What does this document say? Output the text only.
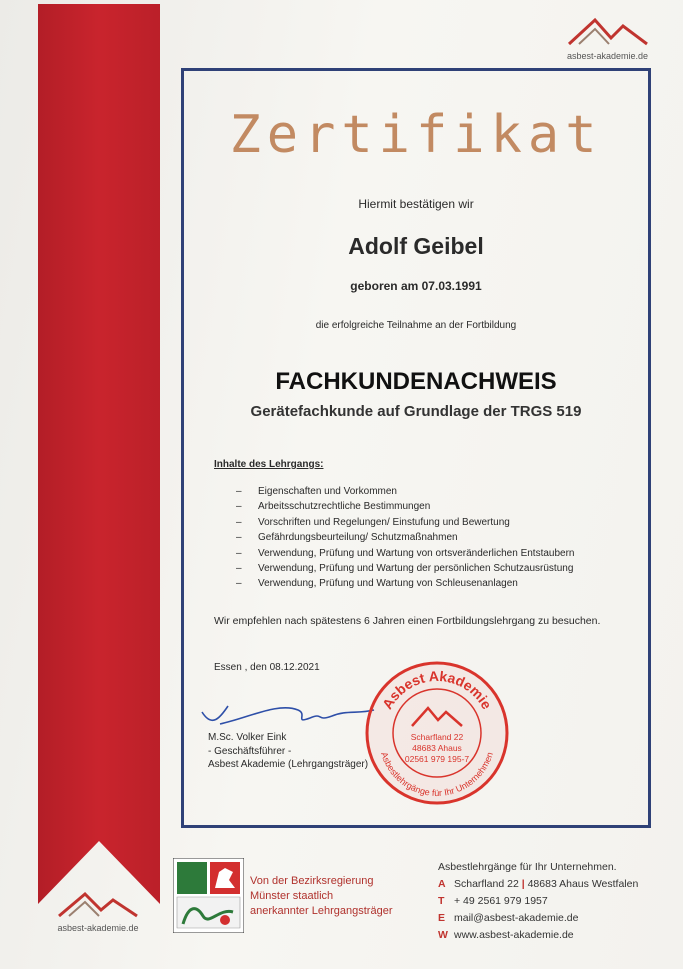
asbest-akademie.de
Zertifikat
Hiermit bestätigen wir
Adolf Geibel
geboren am 07.03.1991
die erfolgreiche Teilnahme an der Fortbildung
FACHKUNDENACHWEIS
Gerätefachkunde auf Grundlage der TRGS 519
Inhalte des Lehrgangs:
– Eigenschaften und Vorkommen
– Arbeitsschutzrechtliche Bestimmungen
– Vorschriften und Regelungen/ Einstufung und Bewertung
– Gefährdungsbeurteilung/ Schutzmaßnahmen
– Verwendung, Prüfung und Wartung von ortsveränderlichen Entstaubern
– Verwendung, Prüfung und Wartung der persönlichen Schutzausrüstung
– Verwendung, Prüfung und Wartung von Schleusenanlagen
Wir empfehlen nach spätestens 6 Jahren einen Fortbildungslehrgang zu besuchen.
Essen , den 08.12.2021
M.Sc. Volker Eink
- Geschäftsführer -
Asbest Akademie (Lehrgangsträger)
Asbest Akademie
Asbestlehrgänge für Ihr Unternehmen
Scharfland 22
48683 Ahaus
02561 979 195-7
asbest-akademie.de
Von der Bezirksregierung
Münster staatlich
anerkannter Lehrgangsträger
Asbestlehrgänge für Ihr Unternehmen.
A Scharfland 22 | 48683 Ahaus Westfalen
T + 49 2561 979 1957
E mail@asbest-akademie.de
W www.asbest-akademie.de
